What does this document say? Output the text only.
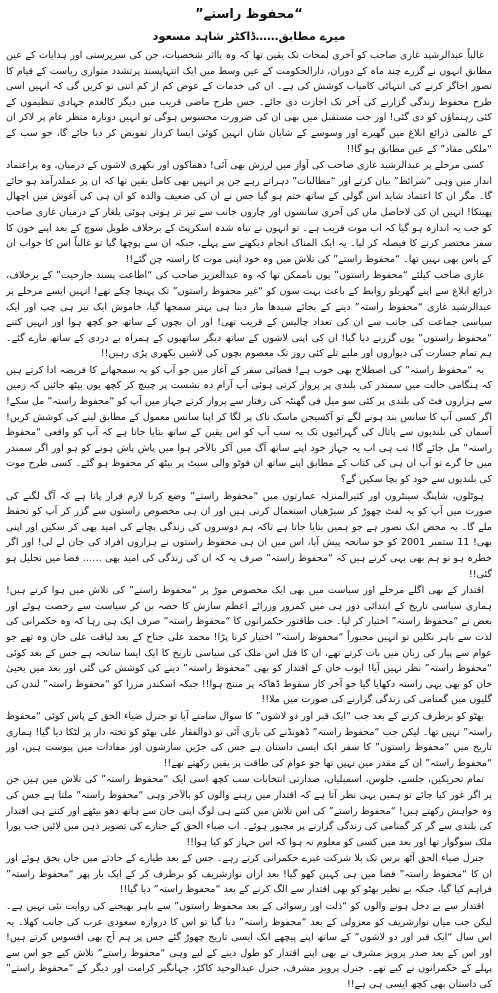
“محفوظ راستے”
میرے مطابق……ڈاکٹر شاہد مسعود

غالباً عبدالرشید غازی صاحب کو آخری لمحات تک یقین تھا کہ وہ بااثر شخصیات، جن کی سرپرستی اور ہدایات کے عین مطابق انہوں نے گزرے چند ماہ کے دوران، دارالحکومت کے عین وسط میں ایک انتہاپسند پرتشدد متوازی ریاست کے قیام کا تصور اجاگر کرنے کی انتہائی کامیاب کوشش کی ہے۔ ان کی خدمات کے عوض کم از کم اتنی تو کریں گی کہ انہیں اسی طرح محفوظ زندگی گزارنے کی آخر تک اجازت دی جائے۔ جس طرح ماضی قریب میں دیگر کالعدم جہادی تنظیموں کے کئی رہنماؤں کو دی گئی! اور جب مستقبل میں بھی ان کی ضرورت محسوس ہوگی تو انہیں دوبارہ منظر عام پر لاکر ان کے عالمی ذرائع ابلاغ میں گھیرے اور وسوسے کے شایان شان انہیں کوئی ایسا کردار تفویض کر دیا جائے گا، جو سب کے “ملکی مفاد” کے عین مطابق ہو گا!!

کسی مرحلے پر عبدالرشید غازی صاحب کی آواز میں لرزش بھی آئی! دھماکوں اور نکھری لاشوں کے درمیان، وہ پراعتماد انداز میں وہی “شرائط” بیان کرتے اور “مطالبات” دہراتے رہے جن پر انہیں بھی کامل یقین تھا کہ ان پر عملدرآمد ہو جائے گا۔ مگر ان کا اعتماد شاید اس گولی کے ساتھ ختم ہو گیا جس نے ان کی ضعیف والدہ کو ان ہی کی آغوش میں اچھال پھینکا! انہیں ان کی لاحاصل ماں کی آخری سانسوں اور چاروں جانب سے تیز تر ہوتی ہوئی یلغار کے درمیان غازی صاحب کو جب یہ اندازہ ہو گیا کہ اب موت قریب ہے۔ تو انہوں نے تباہ شدہ اسکرپٹ کے برخلاف طویل سوچ کے بعد اپنے خون کا سفر مختصر کرنے کا فیصلہ کر لیا۔ یہ ایک المناک انجام دیکھنے سے پہلے، جبکہ ان سے پوچھا گیا تو غالباً اس کا جواب ان کے پاس بھی نہیں تھا۔ “محفوظ راستے” کی تلاش میں وہ خود اپنی موت کا راستہ چن گئے!!

غازی صاحب کیلئے “محفوظ راستوں” یوں ناممکن تھا کہ وہ عبدالعزیز صاحب کی “اطاعت پسند جارحیت” کے برخلاف، ذرائع ابلاغ سے اپنے گھریلو روابط کے باعث بہت سوں کو “غیر محفوظ راستوں” تک پہنچا چکے تھے! انہیں ایسے مرحلے پر عبدالرشید غازی “محفوظ راستہ” دینے کے بجائے سیدھا مار دینا ہی بہتر سمجھا گیا، خاموش ایک تیز ہی چپ اور ایک سیاسی جماعت کی جانب سے ان کی تعداد چالیس کے قریب تھی! اور ان بچوں کے ساتھ جو کچھ ہوا اور انہیں کتنے “محفوظ راستوں” یوں گزرنے دیا گیا! ان کی اپنی لاشوں کے ساتھ دیگر ساتھیوں کے ہمراہ بے دردی کے ساتھ مارے گئے۔ ہم تمام جسارت کی دیواروں اور ملبے تلے کئی روز تک معصوم بچوں کی لاشیں بکھری پڑی رہیں!!

یہ “محفوظ راستہ” کی اصطلاح بھی خوب ہے! فضائی سفر کے آغاز میں جو آپ کو یہ سمجھانے کا فریضہ ادا کرتے ہیں کہ ہنگامی حالت میں سمندر کی بلندی پر پرواز کرتی ہوئی آپ آرام دہ نشست پر چینچ کر کچھ یوں بیٹھ جائیں کہ زمین سے ہزاروں فٹ کی بلندی پر کئی سو میل فی گھنٹہ کی رفتار سے پرواز کرتے جہاز میں آپ کو “محفوظ راستہ” مل سکے! اگر کسی آپ کا سانس بند ہونے لگے تو آکسیجن ماسک ناک پر لگا کر اپنا سانس معمول کے مطابق لینے کی کوشش کریں! آسمان کی بلندیوں سے پاتال کی گہرائیوں تک یہ سب آپ کو اس یقین کے ساتھ بتایا جاتا ہے کہ آپ کو واقعی “محفوظ راستہ” مل جائے گا! تب ہی اب یہ جہاز خود اپنے ساتھ آگ میں آکر بالآخر ہوا میں پاش پاش ہونے کو ہو اور اگر سمندر میں جا گرے تو آپ ان ہی کی کتاب کے مطابق اپنے ساتھ ان فوٹو والی سیٹ پر بیٹھ کر محفوظ ہو گئے۔ کسی طرح موت کی بلندیوں سے خود کو بچا سکیں گے؟

ہوٹلوں، شاپنگ سینٹروں اور کثیرالمنزلہ عمارتوں میں “محفوظ راستے” وضع کرنا لازم قرار پاتا ہے کہ آگ لگنے کی صورت میں آپ کو یہ لفٹ چھوڑ کر سیڑھیاں استعمال کرنی ہیں اور ان ہی مخصوص راستوں سے گزر کر آپ کو تحفظ ملے گا۔ یہ محض ایک تصور ہے جو ہمیں بتایا جاتا ہے تاکہ ہم دوسروں کی زندگی بچانے کی امید بھی کر سکیں اور اپنی بھی! 11 ستمبر 2001 کو جو سانحہ پیش آیا، اس میں ان ہی محفوظ راستوں نے ہزاروں افراد کی جان لے لی! اور اگر خطرہ ہو تو ہم بھی یہی کرتے ہیں کہ “محفوظ راستہ” صرف یہ کہ ان کی زندگی کی امید بھی …… فضا میں تحلیل ہو گئی!!

اقتدار کے بھی اگلے مرحلے اور سیاست میں بھی ایک مخصوص موڑ پر “محفوظ راستے” کی تلاش میں ہوا کرتے ہیں! ہماری سیاسی تاریخ کے ابتدائی دور ہی میں کمزور وزرائے اعظم سازش کا حصہ بن کر سیاست سے رخصت ہوئے اور بعض نے “محفوظ راستہ” اختیار کر لیا۔ جب طاقتور حکمرانوں کا “محفوظ راستہ” صرف ایک ہی رہا کہ وہ حکمرانی کی لذت سے باہر نکلیں تو انہیں مجبوراً “محفوظ راستہ” اختیار کرنا پڑا! محمد علی جناح کے بعد لیاقت علی خان وہ تھے جو عوام سے پیار کی زبان میں بات کرتے تھے، ان کا قتل اس ملک کی سیاسی تاریخ کا ایک ایسا سانحہ ہے جس کے بعد کوئی “محفوظ راستہ” نظر نہیں آیا! ایوب خان کے اقتدار کو بھی “محفوظ راستہ” دینے کی کوشش کی گئی اور بعد میں یحییٰ خان کو بھی یہی راستہ دکھایا گیا جو آخر کار سقوط ڈھاکہ پر منتج ہوا!! جبکہ اسکندر مرزا کو “محفوظ راستہ” لندن کی گلیوں میں گمنامی کی زندگی گزارنے کی صورت میں ملا!!

بھٹو کو برطرف کرنے کے بعد جب “ایک قبر اور دو لاشوں” کا سوال سامنے آیا تو جنرل ضیاء الحق کے پاس کوئی “محفوظ راستہ” نہیں تھا۔ لیکن جب “محفوظ راستہ” ڈھونڈنے کی باری آئی تو ذوالفقار علی بھٹو کو تختہ دار پر لٹکا دیا گیا! ہماری تاریخ میں “محفوظ راستوں” کا سفر ایک ایسی داستان ہے جس کی جڑیں سازشوں اور مفادات میں پیوست ہیں، اور “محفوظ راستہ” ان کے مقدر میں نہیں تھا جو عوام کی طاقت پر یقین رکھتے تھے!!

تمام تحریکیں، جلسے، جلوس، اسمبلیاں، صدارتی انتخابات سب کچھ اسی ایک “محفوظ راستہ” کی تلاش میں ہیں جن پر اگر غور کیا جائے تو ہمیں یہی نظر آتا ہے کہ اقتدار میں رہنے والوں کو بالآخر وہی “محفوظ راستہ” ملتا ہے جس کی وہ خواہش رکھتے ہیں! “محفوظ راستے” کی اس تلاش میں کتنے ہی لوگ اپنی جان سے ہاتھ دھو بیٹھے اور کتنے ہی اقتدار کی بلندی سے گر کر گمنامی کی زندگی گزارنے پر مجبور ہوئے۔ اب ضیاء الحق کے جنازے کی تصویر ذہن میں لائیں جب پورا ملک سوگوار تھا اور بعد میں کسی کو معلوم نہ ہوا کہ اس جہاز کو کیا ہوا!!

جنرل ضیاء الحق آٹھ برس تک بلا شرکت غیرے حکمرانی کرتے رہے۔ جس کے بعد طیارے کے حادثے میں جاں بحق ہوئے اور ان کا “محفوظ راستہ” فضا میں ہی کہیں کھو گیا! بعد ازاں نوازشریف کو برطرف کر کے ایک بار پھر “محفوظ راستہ” فراہم کیا گیا، جبکہ بے نظیر بھٹو کو بھی اقتدار سے الگ کرنے کے بعد “محفوظ راستہ” دیا گیا!!

اقتدار سے بے دخل ہونے والوں کو “ذلت اور رسوائی کے بعد محفوظ راستوں” سے باہر بھیجنے کی روایت نئی نہیں ہے۔ لیکن جب میاں نوازشریف کو معزولی کے بعد “محفوظ راستہ” دیا گیا تو اس کا دروازہ سعودی عرب کی جانب کھلا۔ یہ اس سال “ایک قبر اور دو لاشوں” کے ساتھ اپنے پیچھے ایک ایسی تاریخ چھوڑ گئے جس پر ہم آج بھی افسوس کرتے ہیں! اور اس کے بعد صدر پرویز مشرف نے بھی اپنے اقتدار کو طول دینے کے لیے وہی “محفوظ راستے” تلاش کیے جو اس سے پہلے کے حکمرانوں نے کیے تھے۔ جنرل پرویز مشرف، جنرل عبدالوحید کاکڑ، جہانگیر کرامت اور دیگر کے “محفوظ راستے” کی داستان بھی کچھ ایسی ہی ہے!!
